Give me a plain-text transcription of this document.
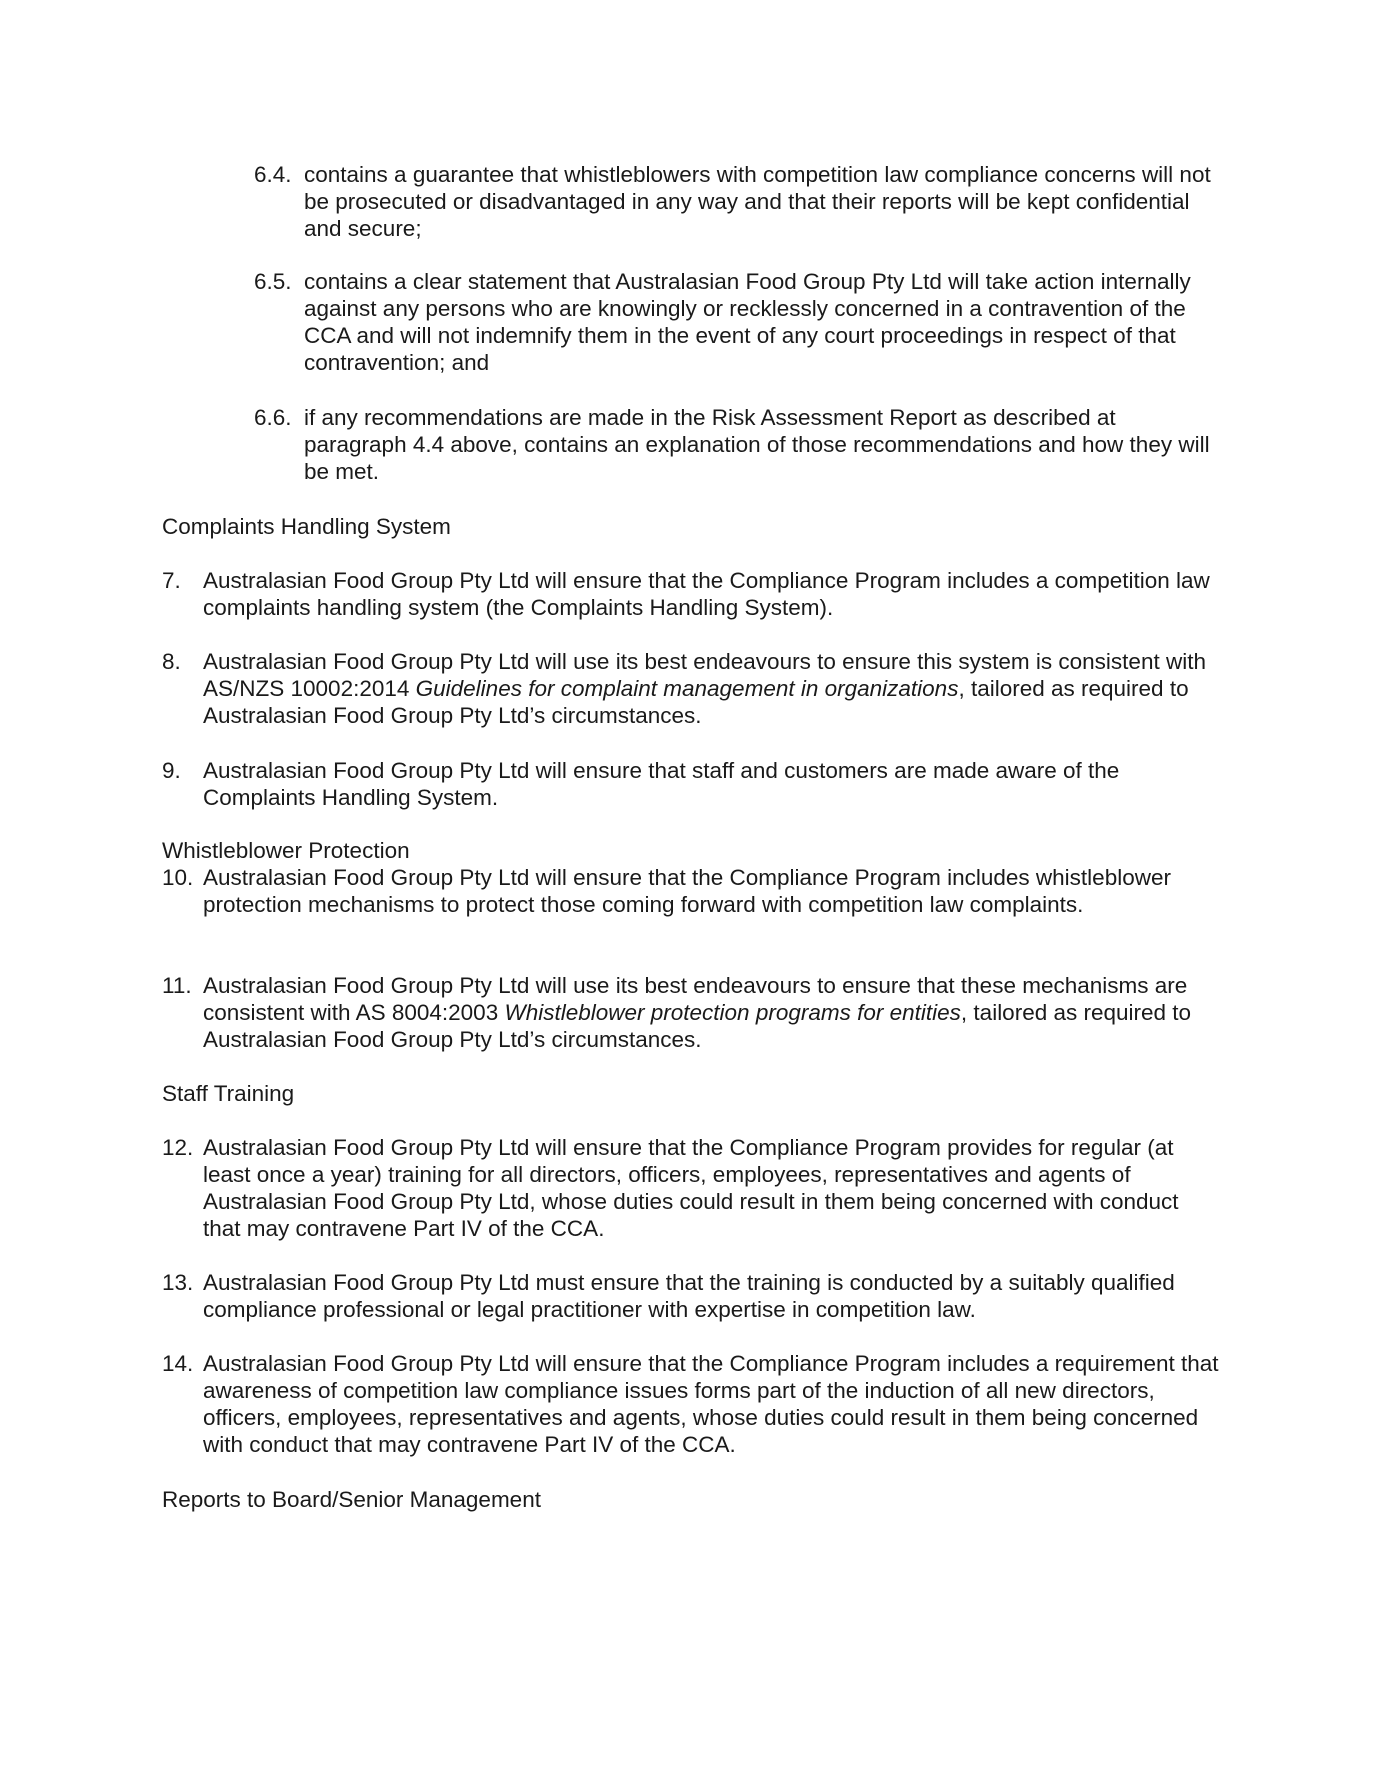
6.4. contains a guarantee that whistleblowers with competition law compliance concerns will not be prosecuted or disadvantaged in any way and that their reports will be kept confidential and secure;
6.5. contains a clear statement that Australasian Food Group Pty Ltd will take action internally against any persons who are knowingly or recklessly concerned in a contravention of the CCA and will not indemnify them in the event of any court proceedings in respect of that contravention; and
6.6. if any recommendations are made in the Risk Assessment Report as described at paragraph 4.4 above, contains an explanation of those recommendations and how they will be met.
Complaints Handling System
7. Australasian Food Group Pty Ltd will ensure that the Compliance Program includes a competition law complaints handling system (the Complaints Handling System).
8. Australasian Food Group Pty Ltd will use its best endeavours to ensure this system is consistent with AS/NZS 10002:2014 Guidelines for complaint management in organizations, tailored as required to Australasian Food Group Pty Ltd’s circumstances.
9. Australasian Food Group Pty Ltd will ensure that staff and customers are made aware of the Complaints Handling System.
Whistleblower Protection
10. Australasian Food Group Pty Ltd will ensure that the Compliance Program includes whistleblower protection mechanisms to protect those coming forward with competition law complaints.
11. Australasian Food Group Pty Ltd will use its best endeavours to ensure that these mechanisms are consistent with AS 8004:2003 Whistleblower protection programs for entities, tailored as required to Australasian Food Group Pty Ltd’s circumstances.
Staff Training
12. Australasian Food Group Pty Ltd will ensure that the Compliance Program provides for regular (at least once a year) training for all directors, officers, employees, representatives and agents of Australasian Food Group Pty Ltd, whose duties could result in them being concerned with conduct that may contravene Part IV of the CCA.
13. Australasian Food Group Pty Ltd must ensure that the training is conducted by a suitably qualified compliance professional or legal practitioner with expertise in competition law.
14. Australasian Food Group Pty Ltd will ensure that the Compliance Program includes a requirement that awareness of competition law compliance issues forms part of the induction of all new directors, officers, employees, representatives and agents, whose duties could result in them being concerned with conduct that may contravene Part IV of the CCA.
Reports to Board/Senior Management
